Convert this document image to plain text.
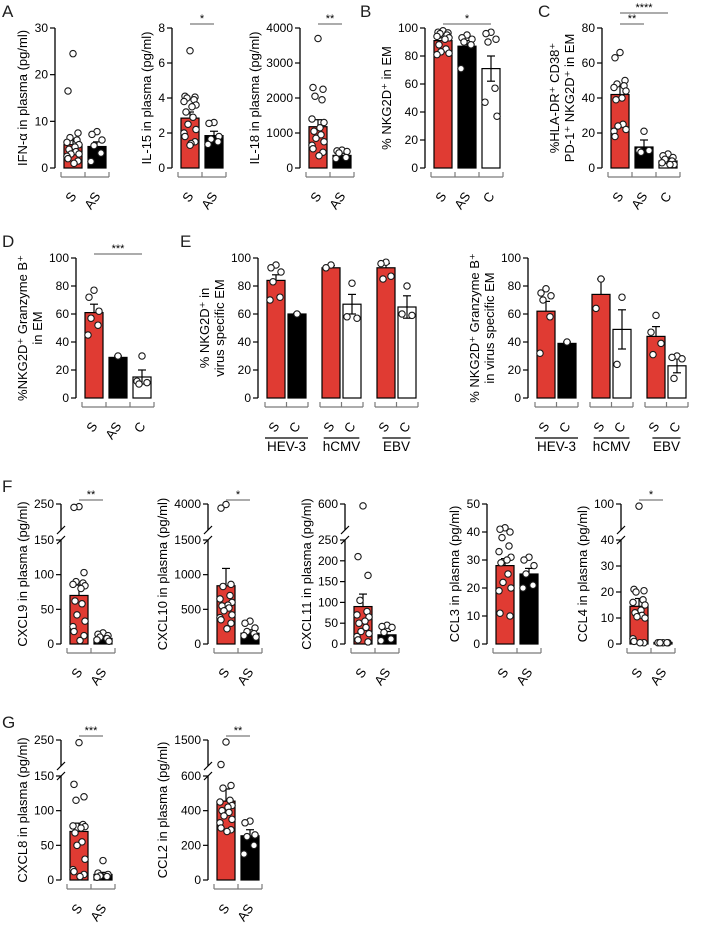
A	B	C
D	E
F
G
IFN-α in plasma (pg/ml)
0
10
20
30
S AS
IL-15 in plasma (pg/ml)
0
2
4
6
8
*
S AS
IL-18 in plasma (pg/ml)
0
1000
2000
3000
4000
**
S AS
% NKG2D⁺ in EM
0
20
40
60
80
100
*
S AS C
%HLA-DR⁺ CD38⁺ PD-1⁺ NKG2D⁺ in EM
0
20
40
60
80
**
****
S AS C
%NKG2D⁺ Granzyme B⁺ in EM
0
20
40
60
80
100
***
S AS C
% NKG2D⁺ in virus specific EM
0
20
40
60
80
100
HEV-3 hCMV EBV
S C S C S C
% NKG2D⁺ Granzyme B⁺ in virus specific EM
0
20
40
60
80
100
HEV-3 hCMV EBV
S C S C S C
CXCL9 in plasma (pg/ml) 250
0
50
100
150
**
S AS
CXCL10 in plasma (pg/ml) 4000
0
500
1000
1500
*
S AS
CXCL11 in plasma (pg/ml) 600
0
50
100
150
200
250
S AS
CCL3 in plasma (pg/ml)
0
10
20
30
40
50
S AS
CCL4 in plasma (pg/ml)
100
0
10
20
30
40
*
S AS
CXCL8 in plasma (pg/ml) 250
0
50
100
150
***
S AS
CCL2 in plasma (pg/ml)
1500
0
200
400
600
**
S AS
